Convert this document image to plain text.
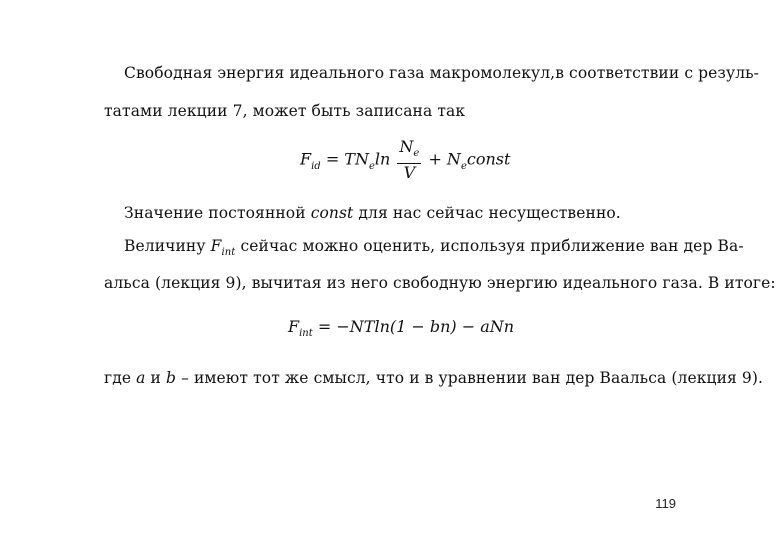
Свободная энергия идеального газа макромолекул, в соответствии с резуль-
татами лекции 7, может быть записана так
$F_{id} = TN_e\ln \frac{N_e}{V}$ + $N_econst$
Значение постоянной const для нас сейчас несущественно.
Величину $F_{int}$ сейчас можно оценить, используя приближение ван дер Ва-
альса (лекция 9), вычитая из него свободную энергию идеального газа. В итоге:
$F_{int} = -NTln(1 - bn)$ − aNn
где a и b – имеют тот же смысл, что и в уравнении ван дер Ваальса (лекция 9).
119
